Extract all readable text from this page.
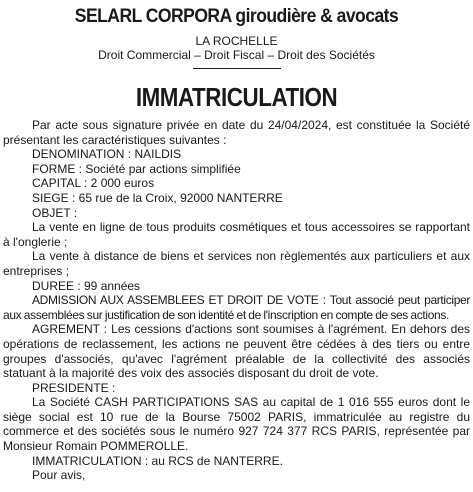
SELARL CORPORA giroudière & avocats
LA ROCHELLE
Droit Commercial – Droit Fiscal – Droit des Sociétés
IMMATRICULATION

Par acte sous signature privée en date du 24/04/2024, est constituée la Société présentant les caractéristiques suivantes :

DENOMINATION : NAILDIS

FORME : Société par actions simplifiée

CAPITAL : 2 000 euros

SIEGE : 65 rue de la Croix, 92000 NANTERRE

OBJET :

La vente en ligne de tous produits cosmétiques et tous accessoires se rapportant à l'onglerie ;

La vente à distance de biens et services non règlementés aux particuliers et aux entreprises ;

DUREE : 99 années

ADMISSION AUX ASSEMBLEES ET DROIT DE VOTE : Tout associé peut participer aux assemblées sur justification de son identité et de l'inscription en compte de ses actions.

AGREMENT : Les cessions d'actions sont soumises à l'agrément. En dehors des opérations de reclassement, les actions ne peuvent être cédées à des tiers ou entre groupes d'associés, qu'avec l'agrément préalable de la collectivité des associés statuant à la majorité des voix des associés disposant du droit de vote.

PRESIDENTE :

La Société CASH PARTICIPATIONS SAS au capital de 1 016 555 euros dont le siège social est 10 rue de la Bourse 75002 PARIS, immatriculée au registre du commerce et des sociétés sous le numéro 927 724 377 RCS PARIS, représentée par Monsieur Romain POMMEROLLE.

IMMATRICULATION : au RCS de NANTERRE.

Pour avis,
